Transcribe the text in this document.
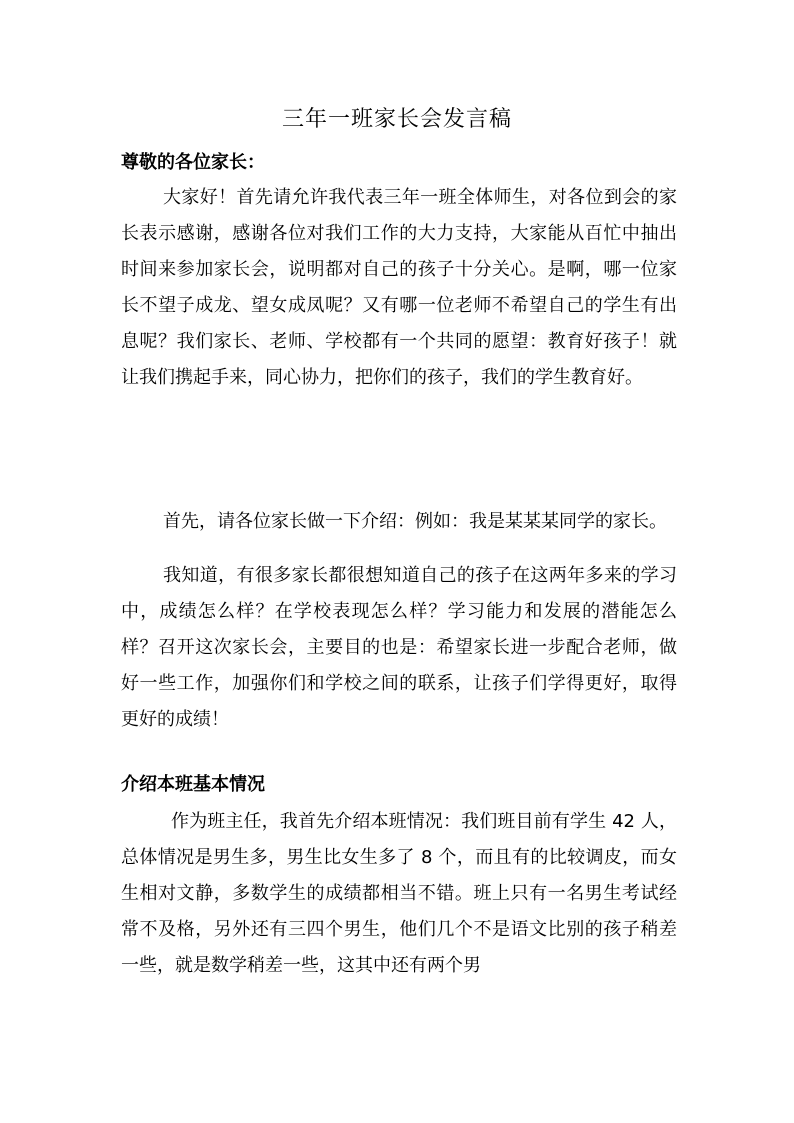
三年一班家长会发言稿
尊敬的各位家长：

大家好！首先请允许我代表三年一班全体师生，对各位到会的家长表示感谢，感谢各位对我们工作的大力支持，大家能从百忙中抽出时间来参加家长会，说明都对自己的孩子十分关心。是啊，哪一位家长不望子成龙、望女成凤呢？又有哪一位老师不希望自己的学生有出息呢？我们家长、老师、学校都有一个共同的愿望：教育好孩子！就让我们携起手来，同心协力，把你们的孩子，我们的学生教育好。

首先，请各位家长做一下介绍：例如：我是某某某同学的家长。

我知道，有很多家长都很想知道自己的孩子在这两年多来的学习中，成绩怎么样？在学校表现怎么样？学习能力和发展的潜能怎么样？召开这次家长会，主要目的也是：希望家长进一步配合老师，做好一些工作，加强你们和学校之间的联系，让孩子们学得更好，取得更好的成绩！

介绍本班基本情况

作为班主任，我首先介绍本班情况：我们班目前有学生 42 人，总体情况是男生多，男生比女生多了 8 个，而且有的比较调皮，而女生相对文静，多数学生的成绩都相当不错。班上只有一名男生考试经常不及格，另外还有三四个男生，他们几个不是语文比别的孩子稍差一些，就是数学稍差一些，这其中还有两个男
